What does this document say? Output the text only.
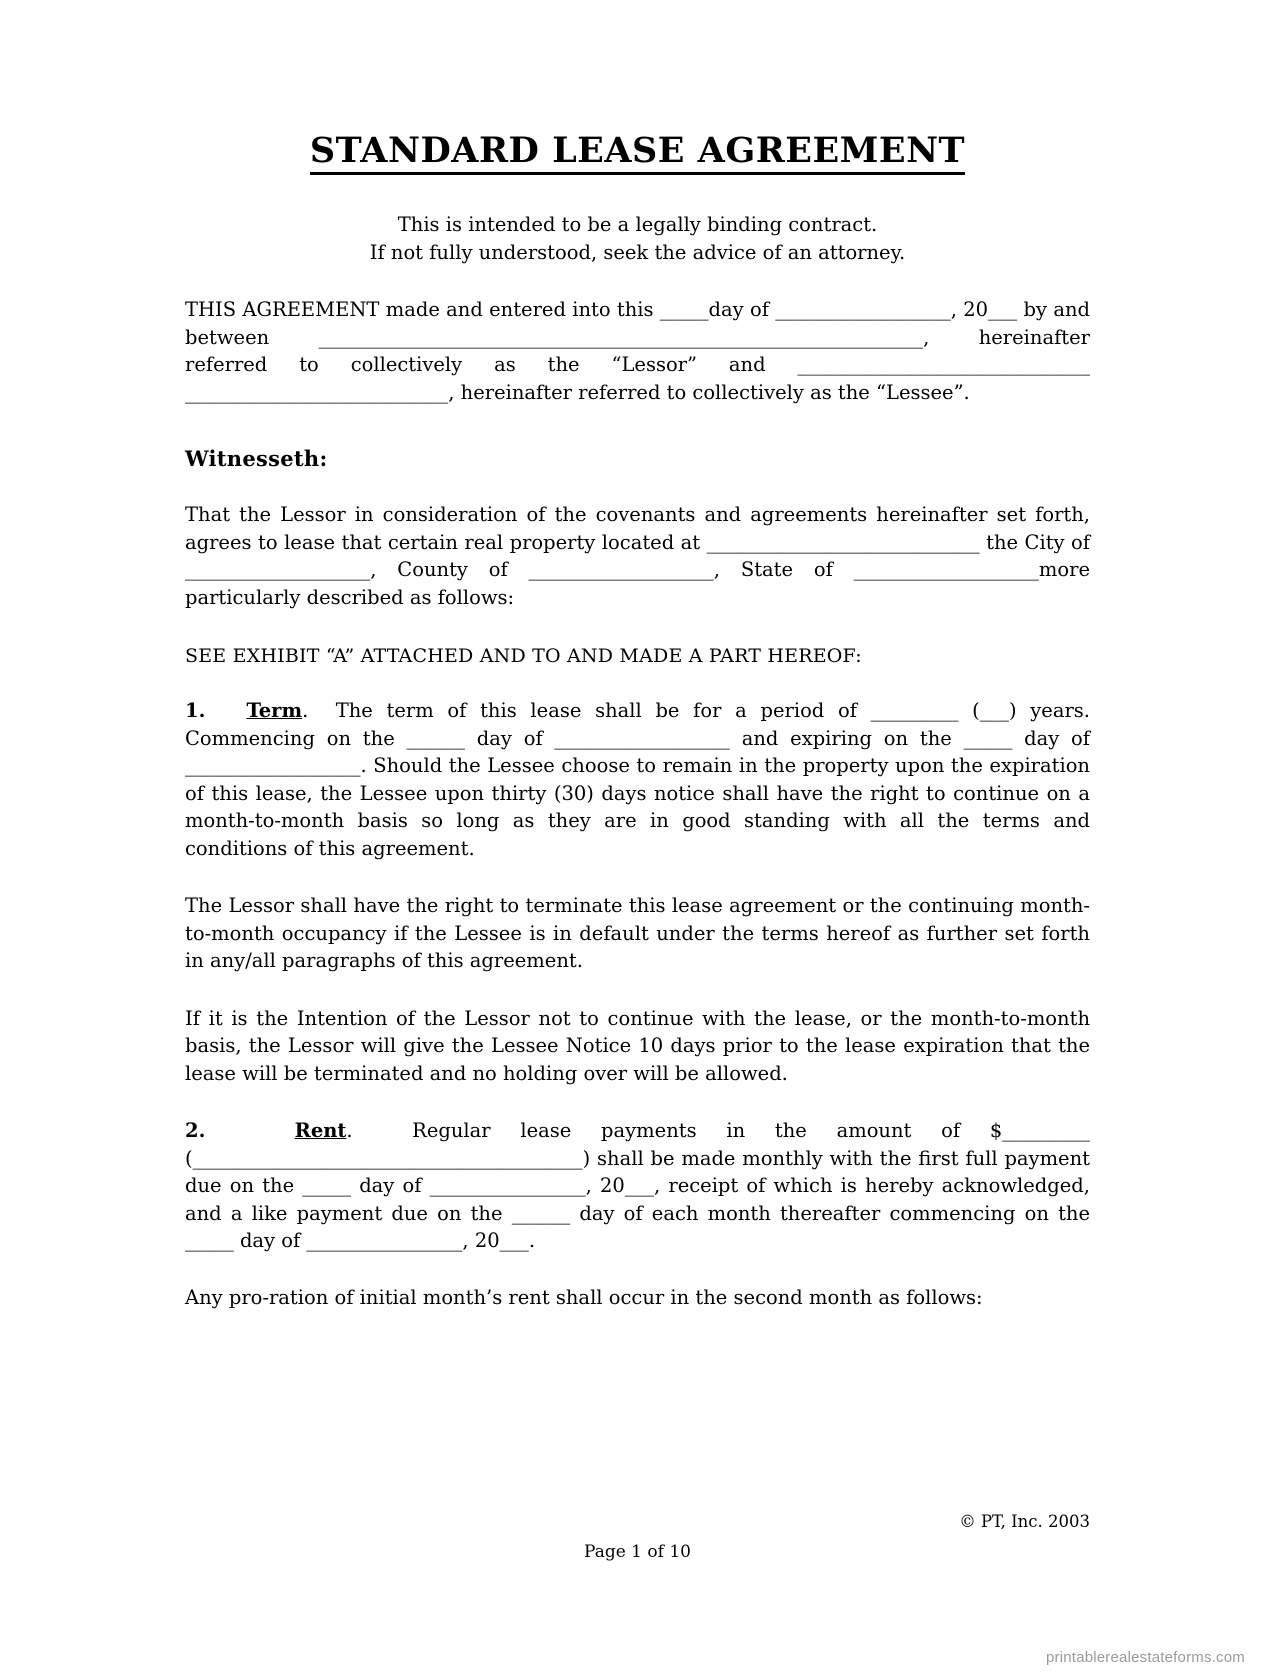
STANDARD LEASE AGREEMENT
This is intended to be a legally binding contract.
If not fully understood, seek the advice of an attorney.

THIS AGREEMENT made and entered into this _____day of __________________, 20___ by and between ______________________________________________________________, hereinafter referred to collectively as the “Lessor” and ______________________________ ___________________________, hereinafter referred to collectively as the “Lessee”.

Witnesseth:

That the Lessor in consideration of the covenants and agreements hereinafter set forth, agrees to lease that certain real property located at ____________________________ the City of ___________________, County of ___________________, State of ___________________more particularly described as follows:

SEE EXHIBIT “A” ATTACHED AND TO AND MADE A PART HEREOF:

1. Term. The term of this lease shall be for a period of _________ (___) years. Commencing on the ______ day of __________________ and expiring on the _____ day of __________________. Should the Lessee choose to remain in the property upon the expiration of this lease, the Lessee upon thirty (30) days notice shall have the right to continue on a month-to-month basis so long as they are in good standing with all the terms and conditions of this agreement.

The Lessor shall have the right to terminate this lease agreement or the continuing month-to-month occupancy if the Lessee is in default under the terms hereof as further set forth in any/all paragraphs of this agreement.

If it is the Intention of the Lessor not to continue with the lease, or the month-to-month basis, the Lessor will give the Lessee Notice 10 days prior to the lease expiration that the lease will be terminated and no holding over will be allowed.

2.	Rent.	Regular lease payments in the amount of $_________ (________________________________________) shall be made monthly with the first full payment due on the _____ day of ________________, 20___, receipt of which is hereby acknowledged, and a like payment due on the ______ day of each month thereafter commencing on the _____ day of ________________, 20___.

Any pro-ration of initial month’s rent shall occur in the second month as follows:

© PT, Inc. 2003
Page 1 of 10
printablerealestateforms.com
